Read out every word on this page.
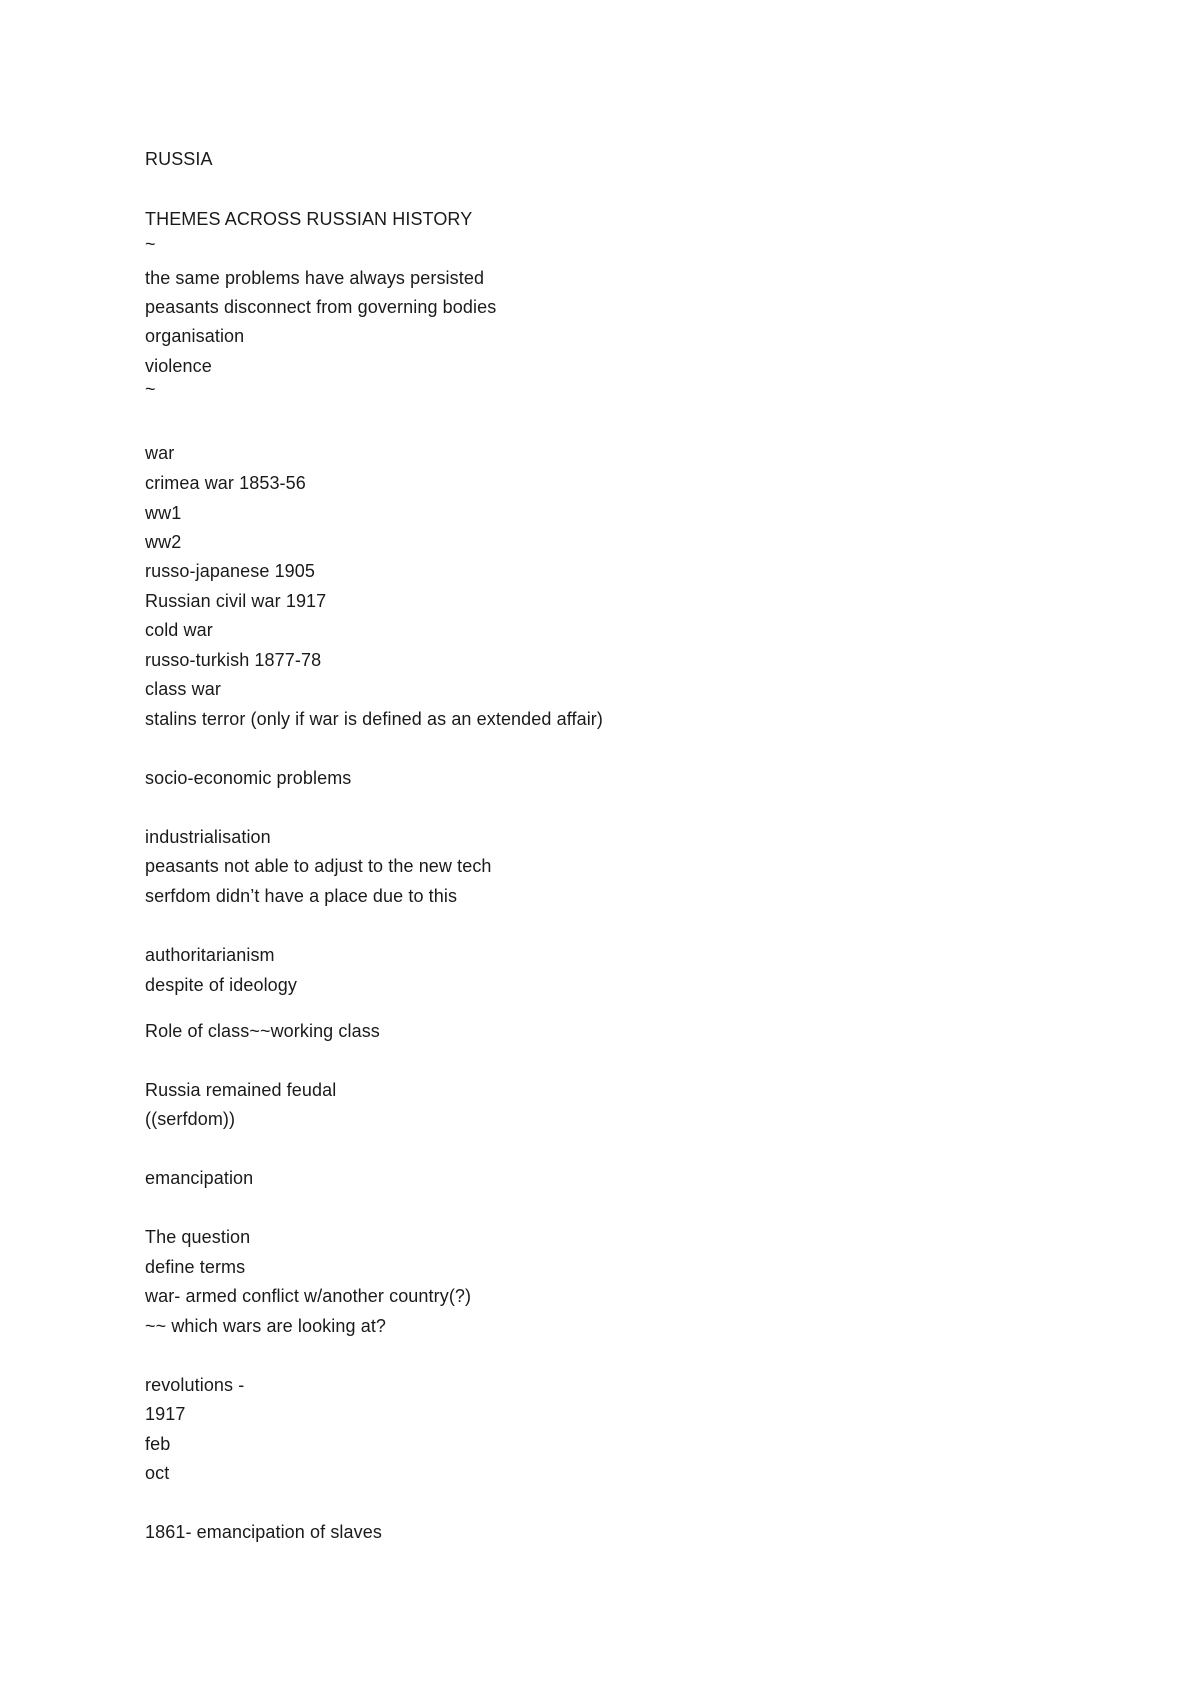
RUSSIA

THEMES ACROSS RUSSIAN HISTORY

~

the same problems have always persisted

peasants disconnect from governing bodies

organisation

violence

~

war

crimea war 1853-56

ww1

ww2

russo-japanese 1905

Russian civil war 1917

cold war

russo-turkish 1877-78

class war

stalins terror (only if war is defined as an extended affair)

socio-economic problems

industrialisation

peasants not able to adjust to the new tech

serfdom didn’t have a place due to this

authoritarianism

despite of ideology

Role of class~~working class

Russia remained feudal

((serfdom))

emancipation

The question

define terms

war- armed conflict w/another country(?)

~~ which wars are looking at?

revolutions -

1917

feb

oct

1861- emancipation of slaves
